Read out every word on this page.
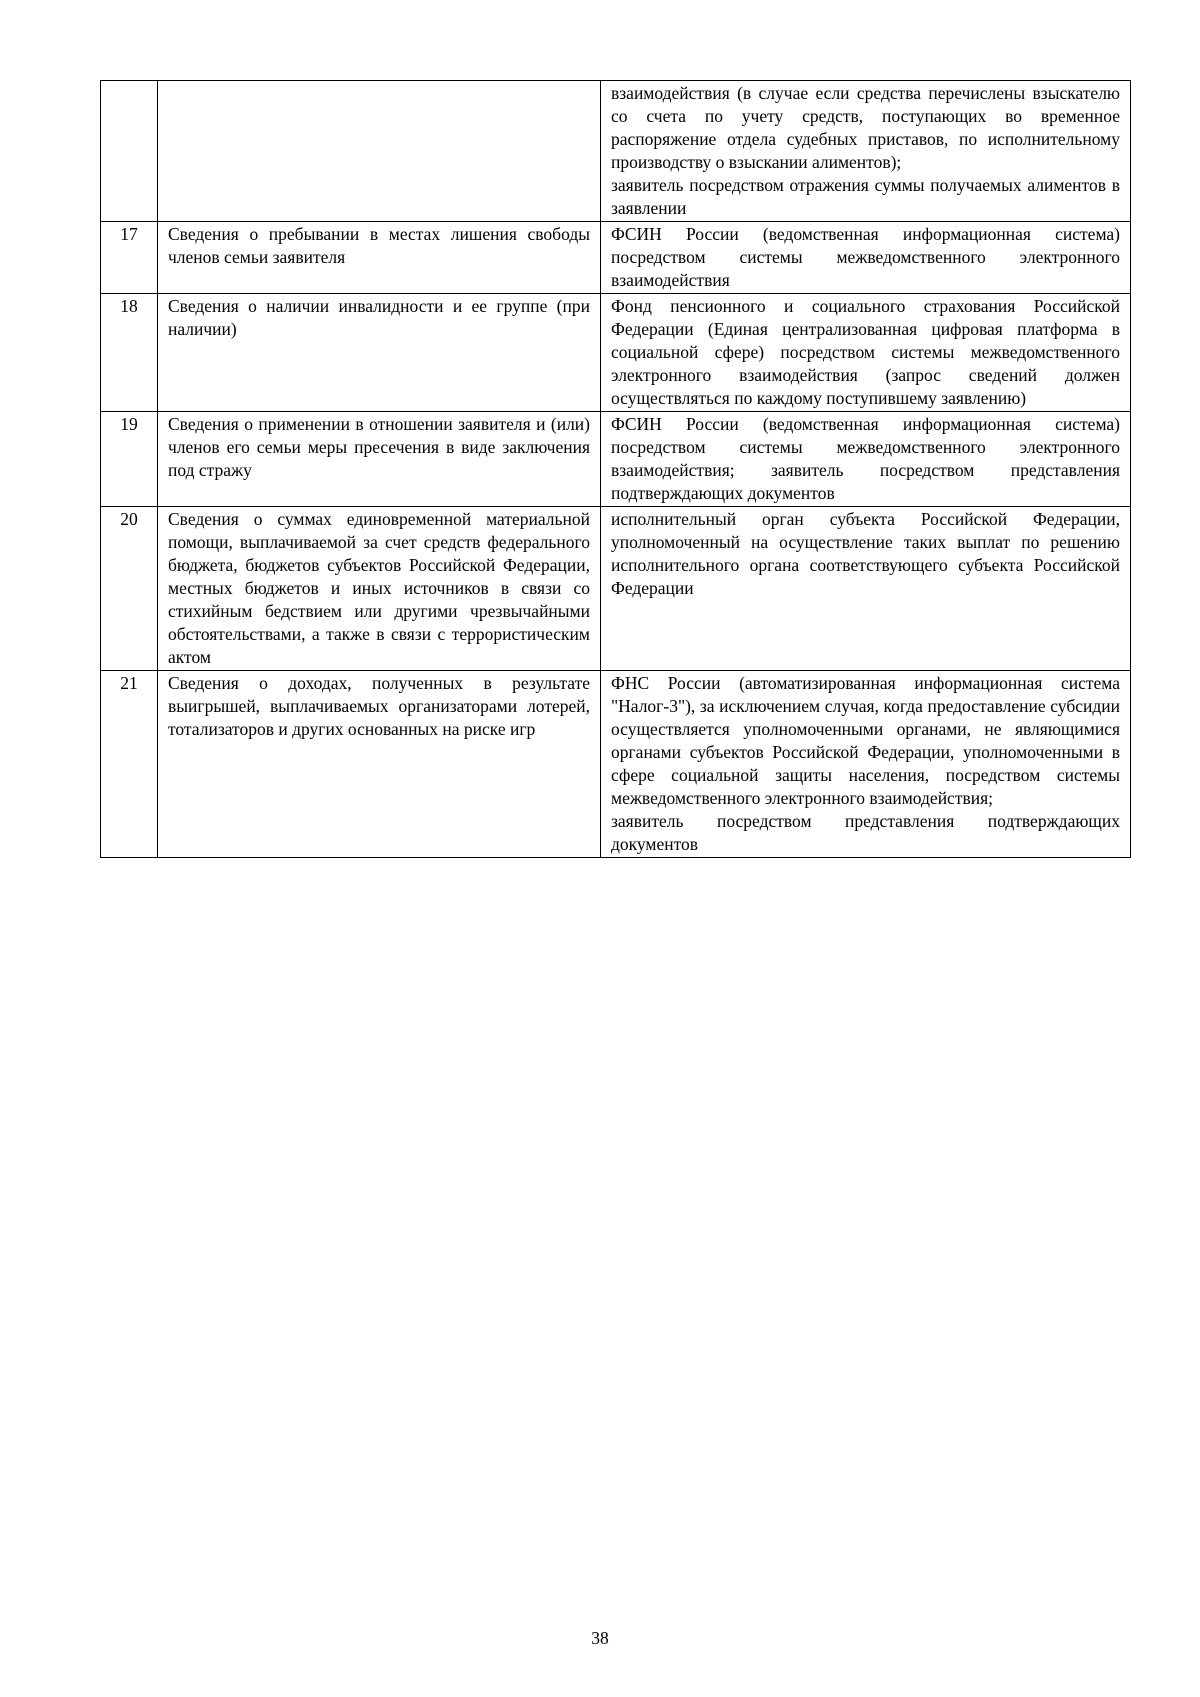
		взаимодействия (в случае если средства перечислены взыскателю со счета по учету средств, поступающих во временное распоряжение отдела судебных приставов, по исполнительному производству о взыскании алиментов);
заявитель посредством отражения суммы получаемых алиментов в заявлении

17	Сведения о пребывании в местах лишения свободы членов семьи заявителя	ФСИН России (ведомственная информационная система) посредством системы межведомственного электронного взаимодействия

18	Сведения о наличии инвалидности и ее группе (при наличии)	Фонд пенсионного и социального страхования Российской Федерации (Единая централизованная цифровая платформа в социальной сфере) посредством системы межведомственного электронного взаимодействия (запрос сведений должен осуществляться по каждому поступившему заявлению)

19	Сведения о применении в отношении заявителя и (или) членов его семьи меры пресечения в виде заключения под стражу	ФСИН России (ведомственная информационная система) посредством системы межведомственного электронного взаимодействия; заявитель посредством представления подтверждающих документов

20	Сведения о суммах единовременной материальной помощи, выплачиваемой за счет средств федерального бюджета, бюджетов субъектов Российской Федерации, местных бюджетов и иных источников в связи со стихийным бедствием или другими чрезвычайными обстоятельствами, а также в связи с террористическим актом	исполнительный орган субъекта Российской Федерации, уполномоченный на осуществление таких выплат по решению исполнительного органа соответствующего субъекта Российской Федерации

21	Сведения о доходах, полученных в результате выигрышей, выплачиваемых организаторами лотерей, тотализаторов и других основанных на риске игр	ФНС России (автоматизированная информационная система "Налог-3"), за исключением случая, когда предоставление субсидии осуществляется уполномоченными органами, не являющимися органами субъектов Российской Федерации, уполномоченными в сфере социальной защиты населения, посредством системы межведомственного электронного взаимодействия;
заявитель посредством представления подтверждающих документов
38
